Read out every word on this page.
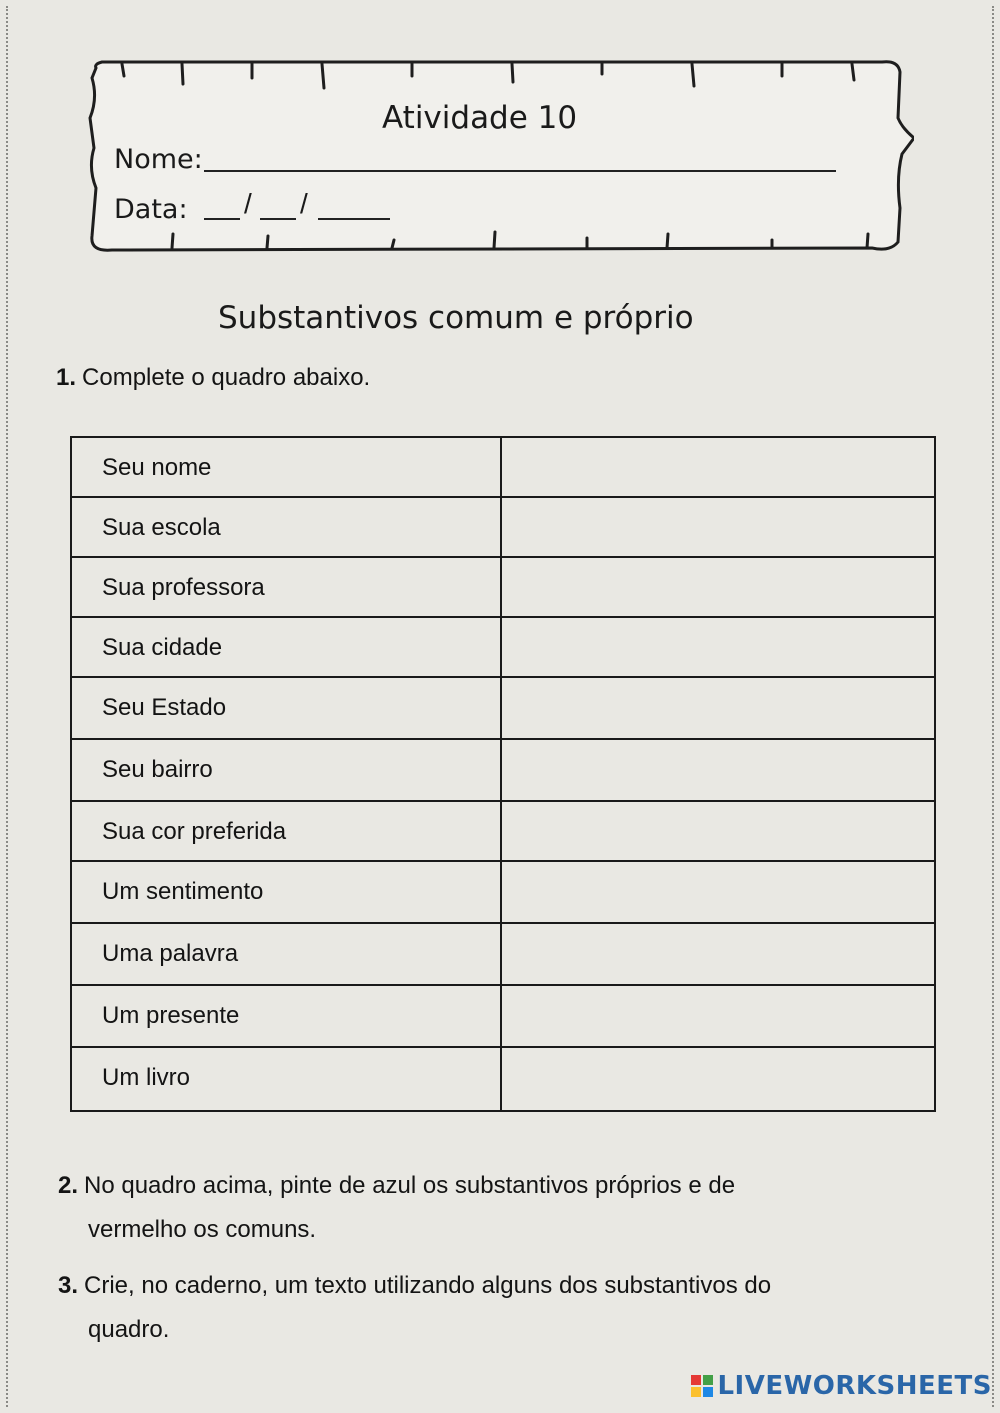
Atividade 10
Nome:
Data: / /
Substantivos comum e próprio
1. Complete o quadro abaixo.
Seu nome
Sua escola
Sua professora
Sua cidade
Seu Estado
Seu bairro
Sua cor preferida
Um sentimento
Uma palavra
Um presente
Um livro
2. No quadro acima, pinte de azul os substantivos próprios e de
vermelho os comuns.
3. Crie, no caderno, um texto utilizando alguns dos substantivos do
quadro.
LIVEWORKSHEETS
